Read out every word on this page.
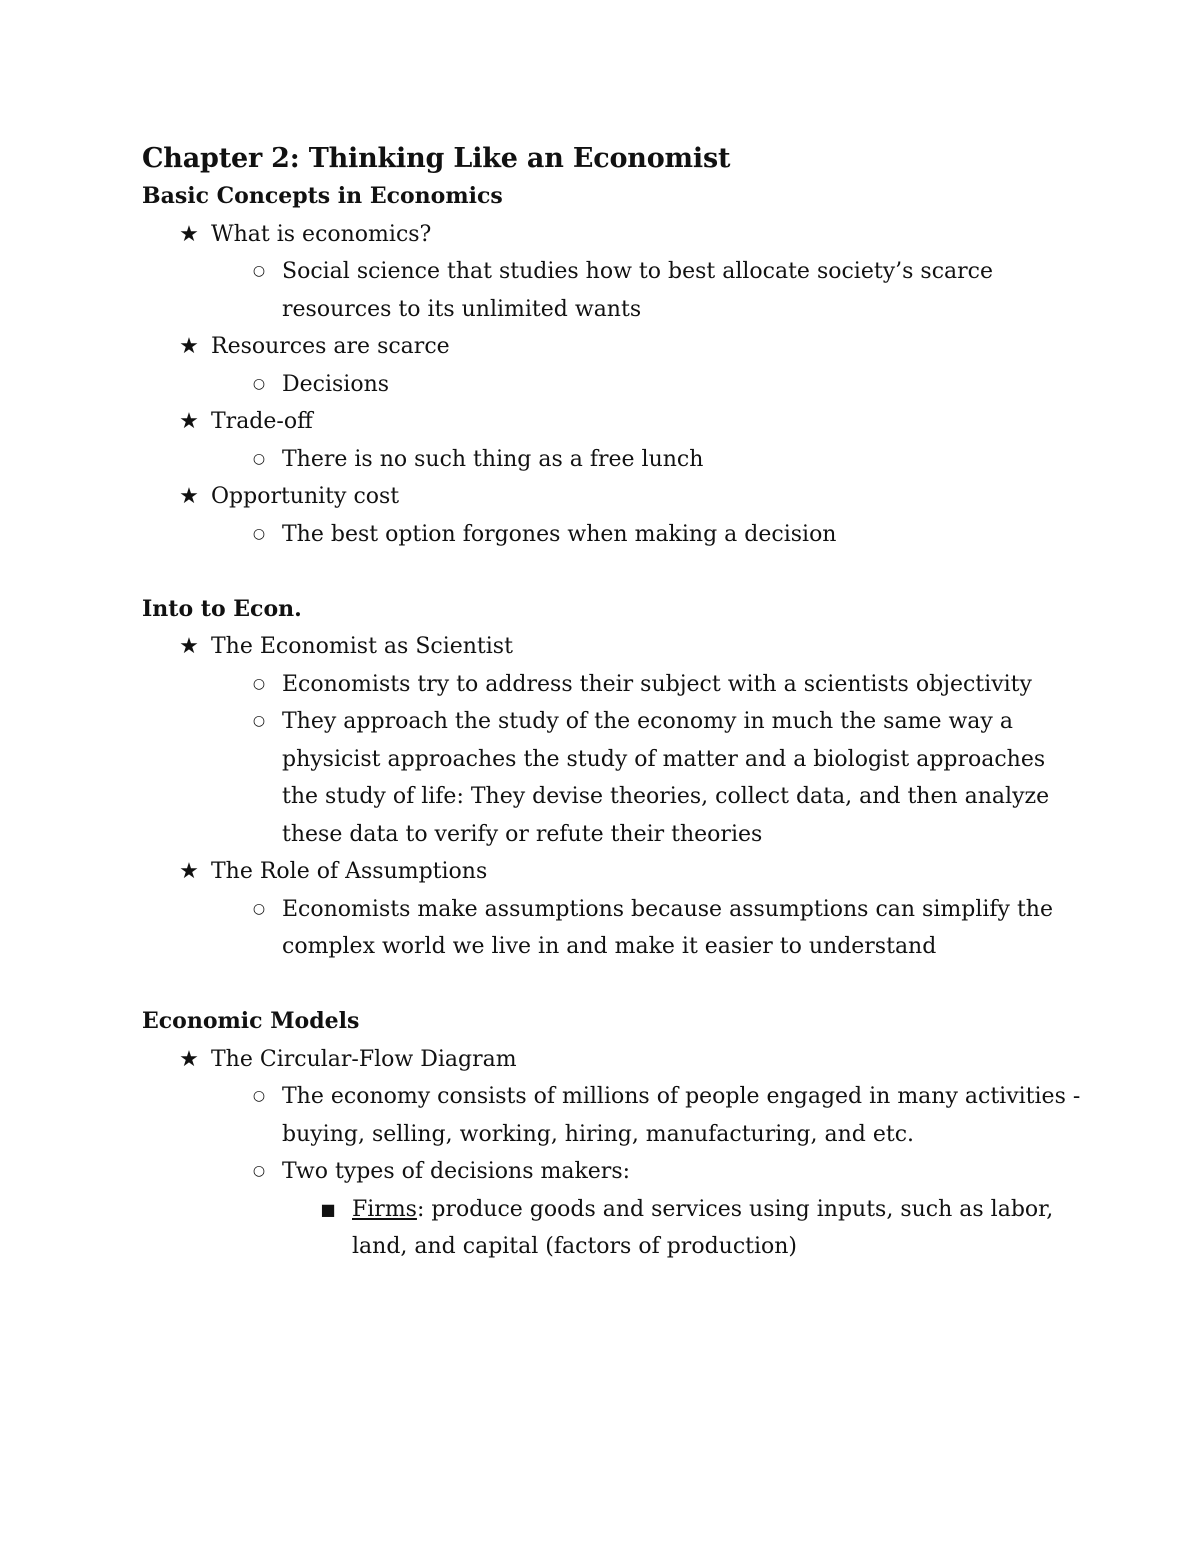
Chapter 2: Thinking Like an Economist
Basic Concepts in Economics
★ What is economics?
○ Social science that studies how to best allocate society’s scarce resources to its unlimited wants
★ Resources are scarce
○ Decisions
★ Trade-off
○ There is no such thing as a free lunch
★ Opportunity cost
○ The best option forgones when making a decision
Into to Econ.
★ The Economist as Scientist
○ Economists try to address their subject with a scientists objectivity
○ They approach the study of the economy in much the same way a physicist approaches the study of matter and a biologist approaches the study of life: They devise theories, collect data, and then analyze these data to verify or refute their theories
★ The Role of Assumptions
○ Economists make assumptions because assumptions can simplify the complex world we live in and make it easier to understand
Economic Models
★ The Circular-Flow Diagram
○ The economy consists of millions of people engaged in many activities - buying, selling, working, hiring, manufacturing, and etc.
○ Two types of decisions makers:
■ Firms: produce goods and services using inputs, such as labor, land, and capital (factors of production)
